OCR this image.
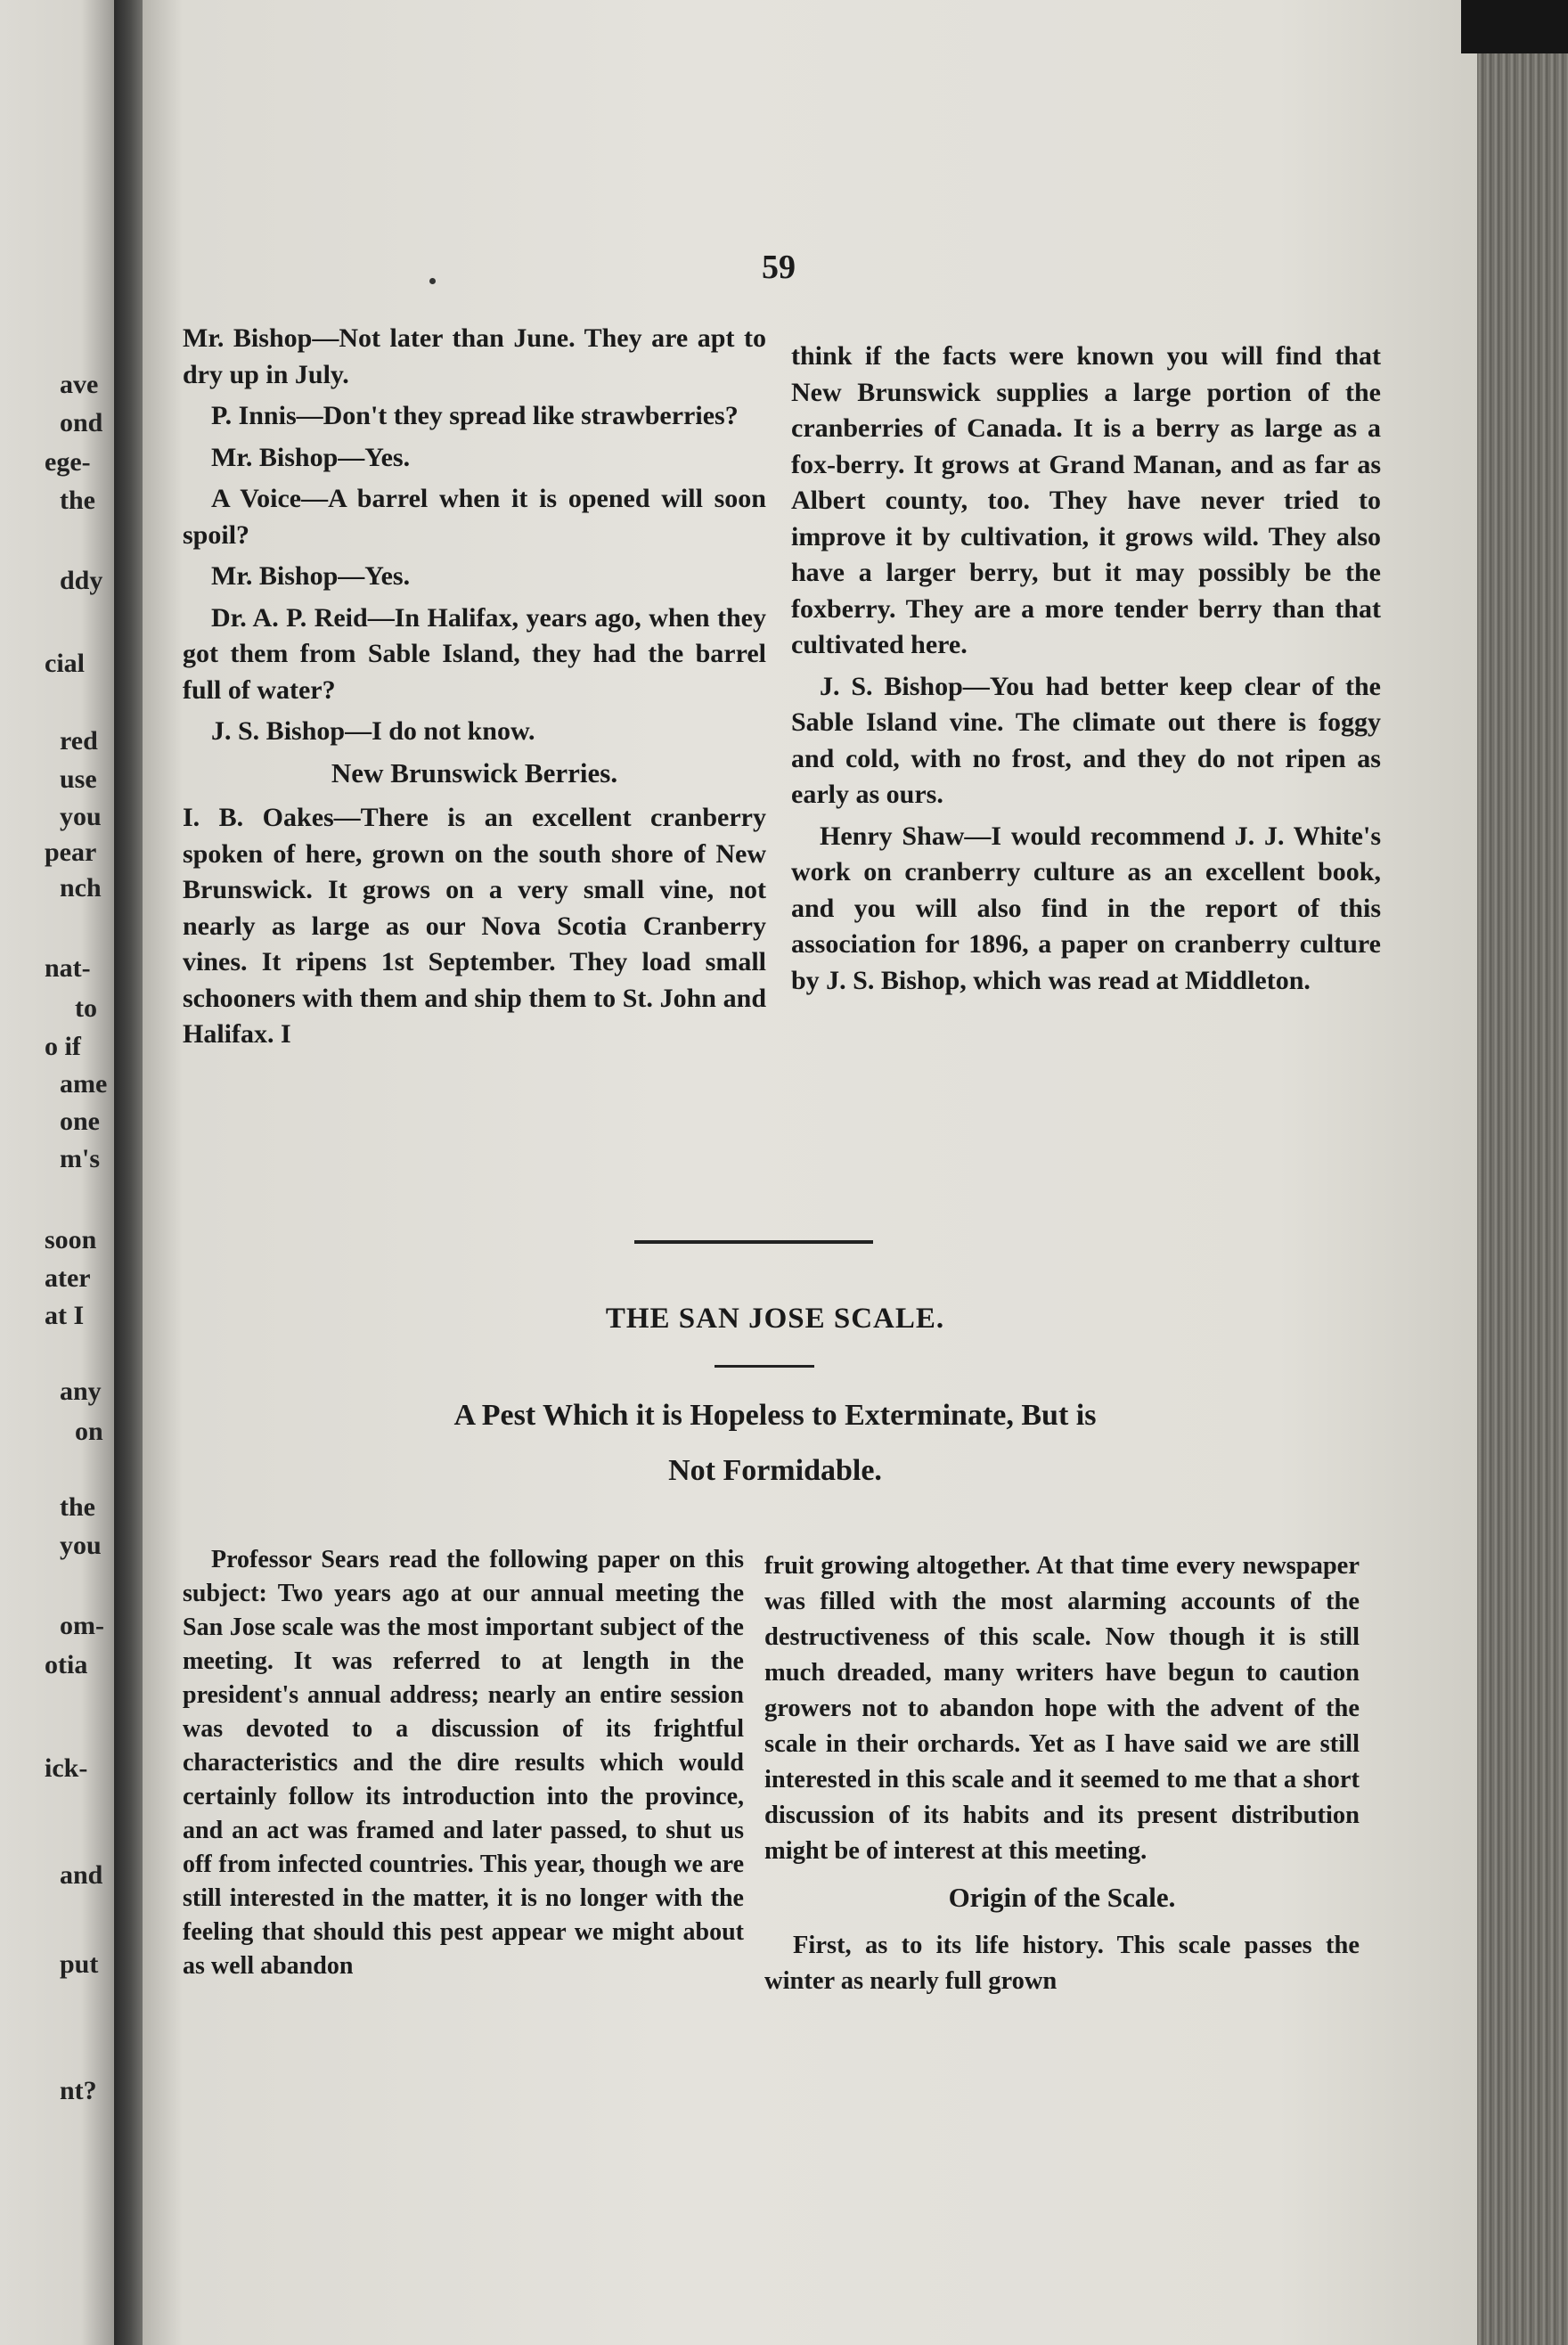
ave
ond
ege-
the
ddy
cial
red
use
you
pear
nch
nat-
to
o if
ame
one
m's
soon
ater
at I
any
on
the
you
om-
otia
ick-
and
put
nt?
59

Mr. Bishop—Not later than June. They are apt to dry up in July.

P. Innis—Don't they spread like strawberries?

Mr. Bishop—Yes.

A Voice—A barrel when it is opened will soon spoil?

Mr. Bishop—Yes.

Dr. A. P. Reid—In Halifax, years ago, when they got them from Sable Island, they had the barrel full of water?

J. S. Bishop—I do not know.

New Brunswick Berries.

I. B. Oakes—There is an excellent cranberry spoken of here, grown on the south shore of New Brunswick. It grows on a very small vine, not nearly as large as our Nova Scotia Cranberry vines. It ripens 1st September. They load small schooners with them and ship them to St. John and Halifax. I

think if the facts were known you will find that New Brunswick supplies a large portion of the cranberries of Canada. It is a berry as large as a fox-berry. It grows at Grand Manan, and as far as Albert county, too. They have never tried to improve it by cultivation, it grows wild. They also have a larger berry, but it may possibly be the foxberry. They are a more tender berry than that cultivated here.

J. S. Bishop—You had better keep clear of the Sable Island vine. The climate out there is foggy and cold, with no frost, and they do not ripen as early as ours.

Henry Shaw—I would recommend J. J. White's work on cranberry culture as an excellent book, and you will also find in the report of this association for 1896, a paper on cranberry culture by J. S. Bishop, which was read at Middleton.

THE SAN JOSE SCALE.
A Pest Which it is Hopeless to Exterminate, But is
Not Formidable.

Professor Sears read the following paper on this subject: Two years ago at our annual meeting the San Jose scale was the most important subject of the meeting. It was referred to at length in the president's annual address; nearly an entire session was devoted to a discussion of its frightful characteristics and the dire results which would certainly follow its introduction into the province, and an act was framed and later passed, to shut us off from infected countries. This year, though we are still interested in the matter, it is no longer with the feeling that should this pest appear we might about as well abandon

fruit growing altogether. At that time every newspaper was filled with the most alarming accounts of the destructiveness of this scale. Now though it is still much dreaded, many writers have begun to caution growers not to abandon hope with the advent of the scale in their orchards. Yet as I have said we are still interested in this scale and it seemed to me that a short discussion of its habits and its present distribution might be of interest at this meeting.

Origin of the Scale.

First, as to its life history. This scale passes the winter as nearly full grown
